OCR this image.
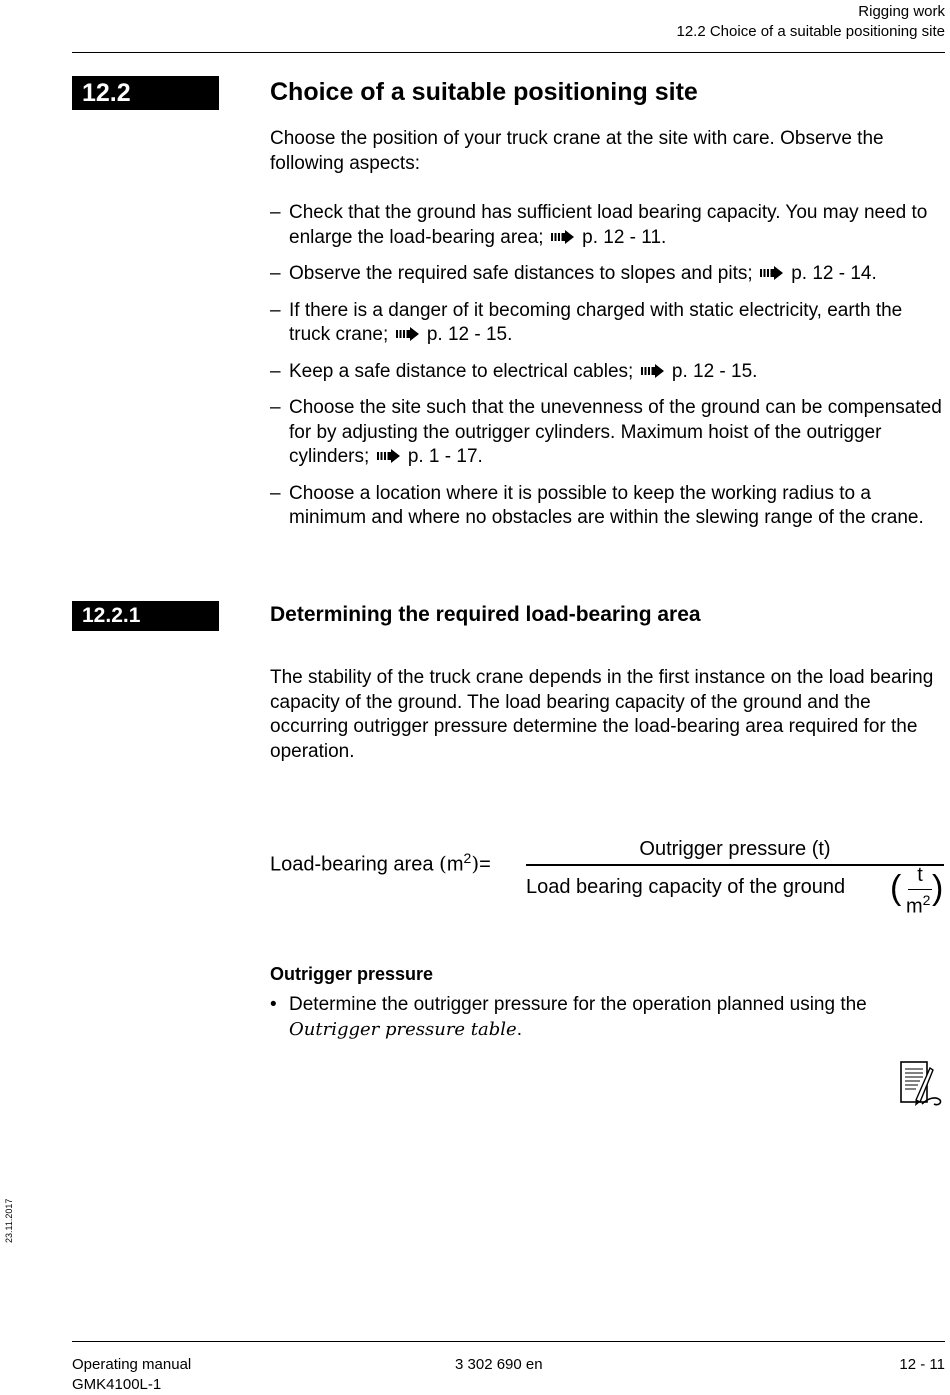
Rigging work
12.2 Choice of a suitable positioning site
12.2	Choice of a suitable positioning site
Choose the position of your truck crane at the site with care. Observe the following aspects:
– Check that the ground has sufficient load bearing capacity. You may need to enlarge the load-bearing area; p. 12 - 11.
– Observe the required safe distances to slopes and pits; p. 12 - 14.
– If there is a danger of it becoming charged with static electricity, earth the truck crane; p. 12 - 15.
– Keep a safe distance to electrical cables; p. 12 - 15.
– Choose the site such that the unevenness of the ground can be compensated for by adjusting the outrigger cylinders. Maximum hoist of the outrigger cylinders; p. 1 - 17.
– Choose a location where it is possible to keep the working radius to a minimum and where no obstacles are within the slewing range of the crane.
12.2.1	Determining the required load-bearing area
The stability of the truck crane depends in the first instance on the load bearing capacity of the ground. The load bearing capacity of the ground and the occurring outrigger pressure determine the load-bearing area required for the operation.
Load-bearing area $(m^2)=$
Outrigger pressure (t)
Load bearing capacity of the ground ( t
$m^2$ )
Outrigger pressure
• Determine the outrigger pressure for the operation planned using the Outrigger pressure table.
23.11.2017
Operating manual
GMK4100L-1
3 302 690 en	12 - 11
